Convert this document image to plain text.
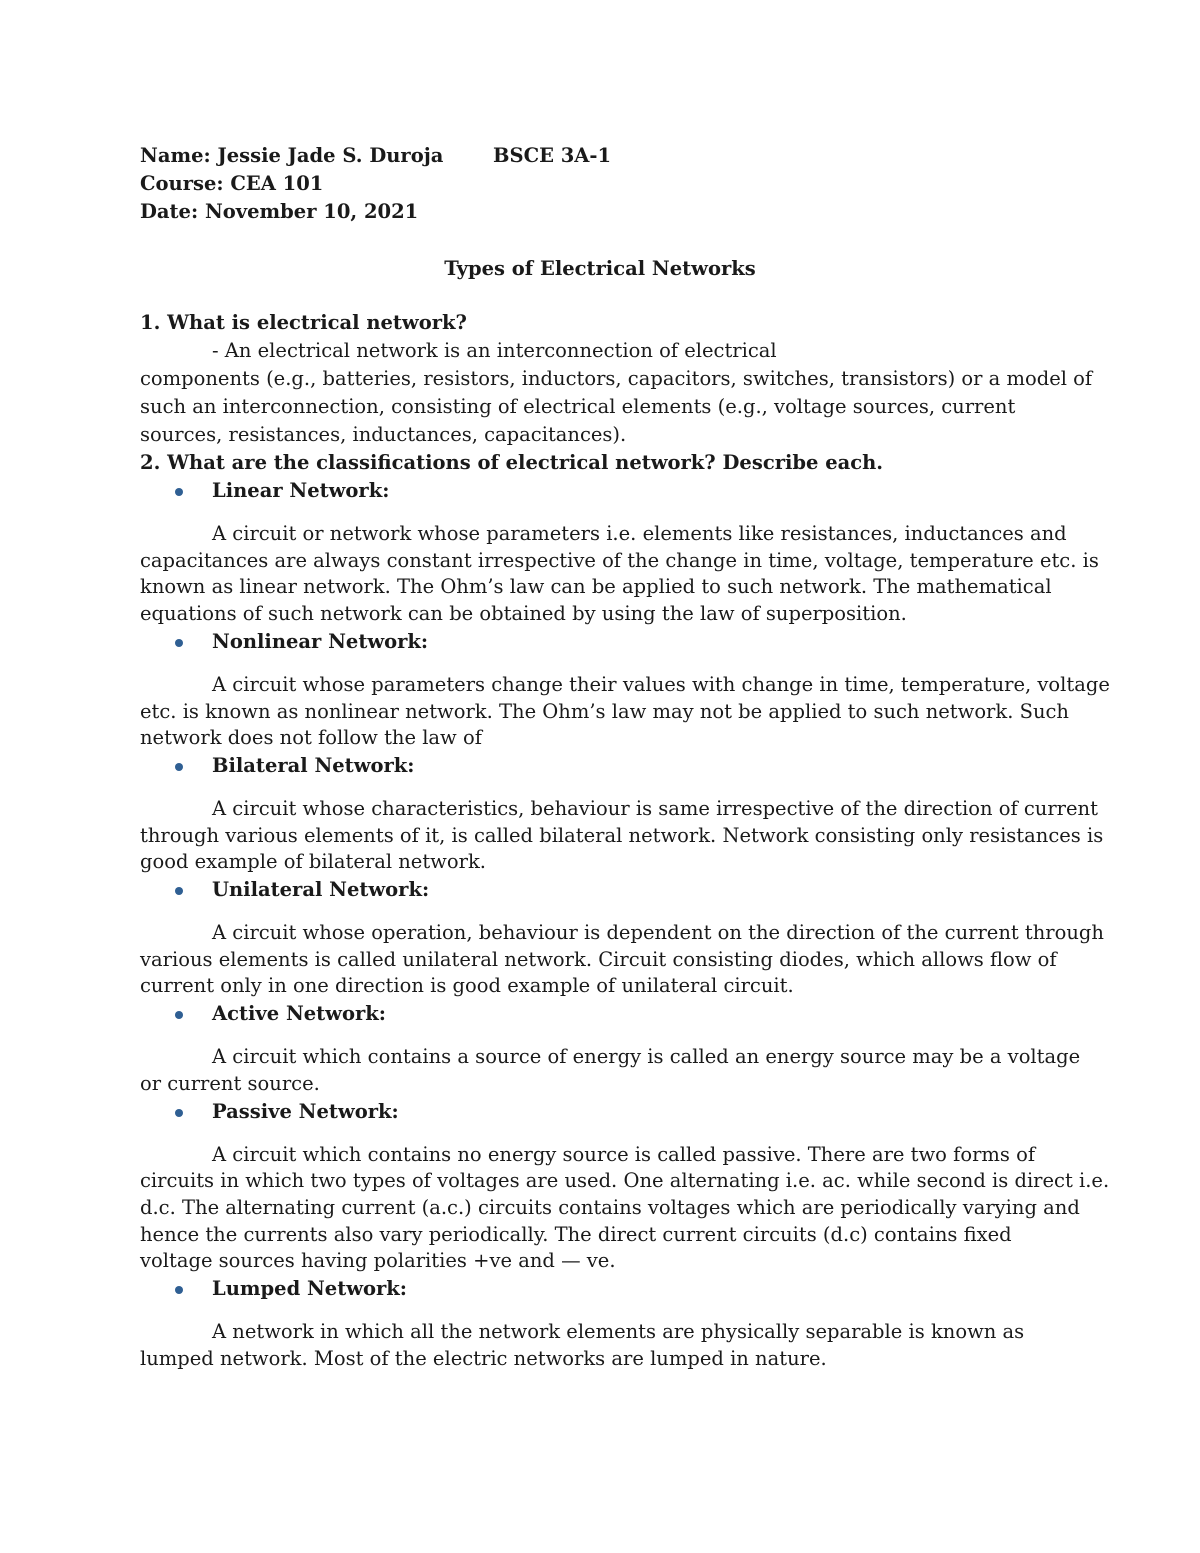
Name: Jessie Jade S. Duroja	BSCE 3A-1
Course: CEA 101
Date: November 10, 2021
Types of Electrical Networks
1. What is electrical network?
- An electrical network is an interconnection of electrical
components (e.g., batteries, resistors, inductors, capacitors, switches, transistors) or a model of
such an interconnection, consisting of electrical elements (e.g., voltage sources, current
sources, resistances, inductances, capacitances).
2. What are the classifications of electrical network? Describe each.
Linear Network:
A circuit or network whose parameters i.e. elements like resistances, inductances and
capacitances are always constant irrespective of the change in time, voltage, temperature etc. is
known as linear network. The Ohm’s law can be applied to such network. The mathematical
equations of such network can be obtained by using the law of superposition.
Nonlinear Network:
A circuit whose parameters change their values with change in time, temperature, voltage
etc. is known as nonlinear network. The Ohm’s law may not be applied to such network. Such
network does not follow the law of
Bilateral Network:
A circuit whose characteristics, behaviour is same irrespective of the direction of current
through various elements of it, is called bilateral network. Network consisting only resistances is
good example of bilateral network.
Unilateral Network:
A circuit whose operation, behaviour is dependent on the direction of the current through
various elements is called unilateral network. Circuit consisting diodes, which allows flow of
current only in one direction is good example of unilateral circuit.
Active Network:
A circuit which contains a source of energy is called an energy source may be a voltage
or current source.
Passive Network:
A circuit which contains no energy source is called passive. There are two forms of
circuits in which two types of voltages are used. One alternating i.e. ac. while second is direct i.e.
d.c. The alternating current (a.c.) circuits contains voltages which are periodically varying and
hence the currents also vary periodically. The direct current circuits (d.c) contains fixed
voltage sources having polarities +ve and — ve.
Lumped Network:
A network in which all the network elements are physically separable is known as
lumped network. Most of the electric networks are lumped in nature.
